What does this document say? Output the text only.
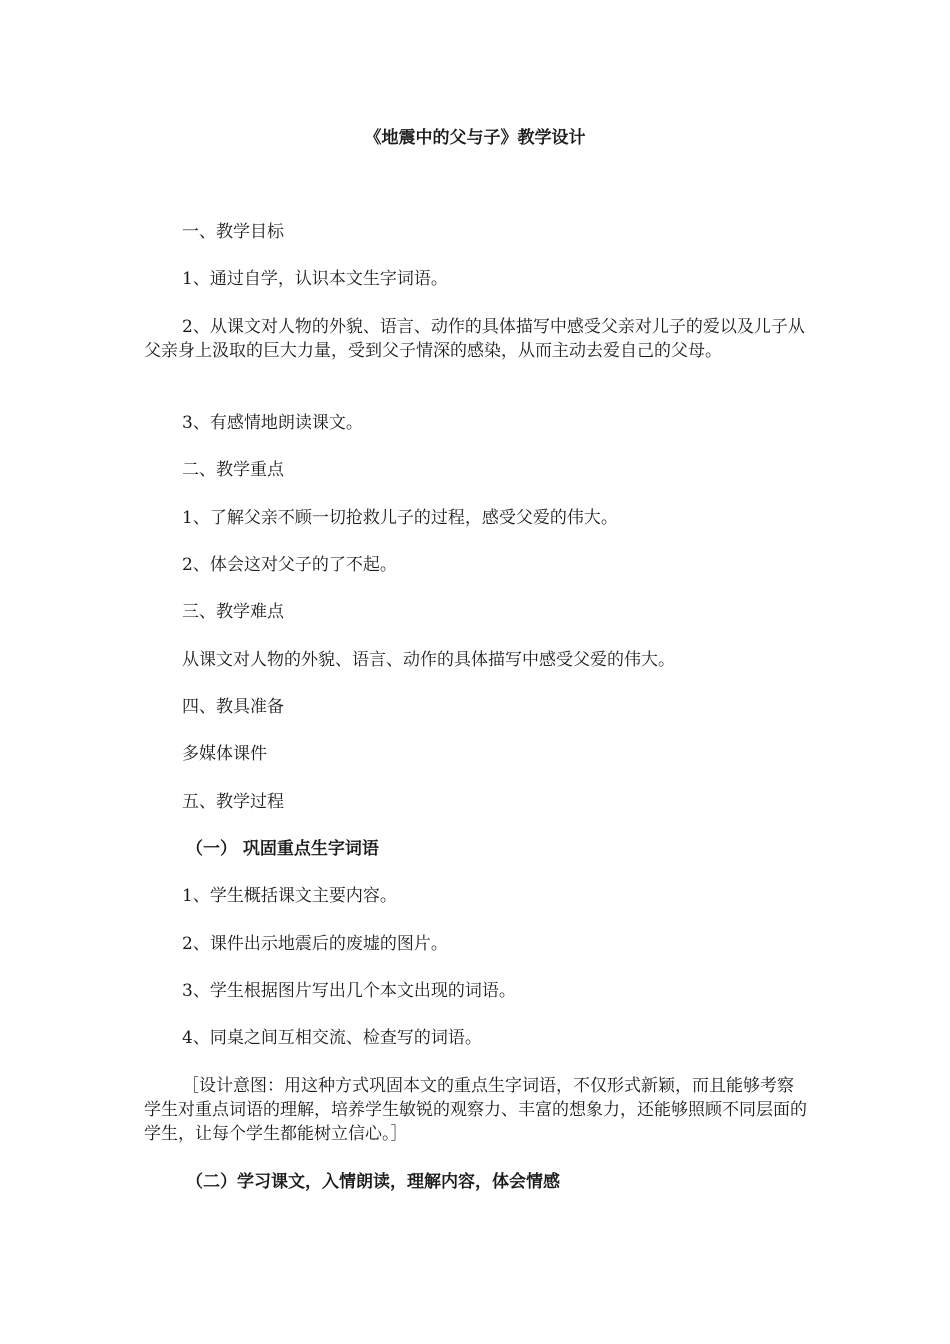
《地震中的父与子》教学设计

一、教学目标

1、通过自学，认识本文生字词语。

2、从课文对人物的外貌、语言、动作的具体描写中感受父亲对儿子的爱以及儿子从父亲身上汲取的巨大力量，受到父子情深的感染，从而主动去爱自己的父母。

3、有感情地朗读课文。

二、教学重点

1、了解父亲不顾一切抢救儿子的过程，感受父爱的伟大。

2、体会这对父子的了不起。

三、教学难点

从课文对人物的外貌、语言、动作的具体描写中感受父爱的伟大。

四、教具准备

多媒体课件

五、教学过程

（一） 巩固重点生字词语

1、学生概括课文主要内容。

2、课件出示地震后的废墟的图片。

3、学生根据图片写出几个本文出现的词语。

4、同桌之间互相交流、检查写的词语。

［设计意图：用这种方式巩固本文的重点生字词语，不仅形式新颖，而且能够考察学生对重点词语的理解，培养学生敏锐的观察力、丰富的想象力，还能够照顾不同层面的学生，让每个学生都能树立信心。］

（二）学习课文，入情朗读，理解内容，体会情感
